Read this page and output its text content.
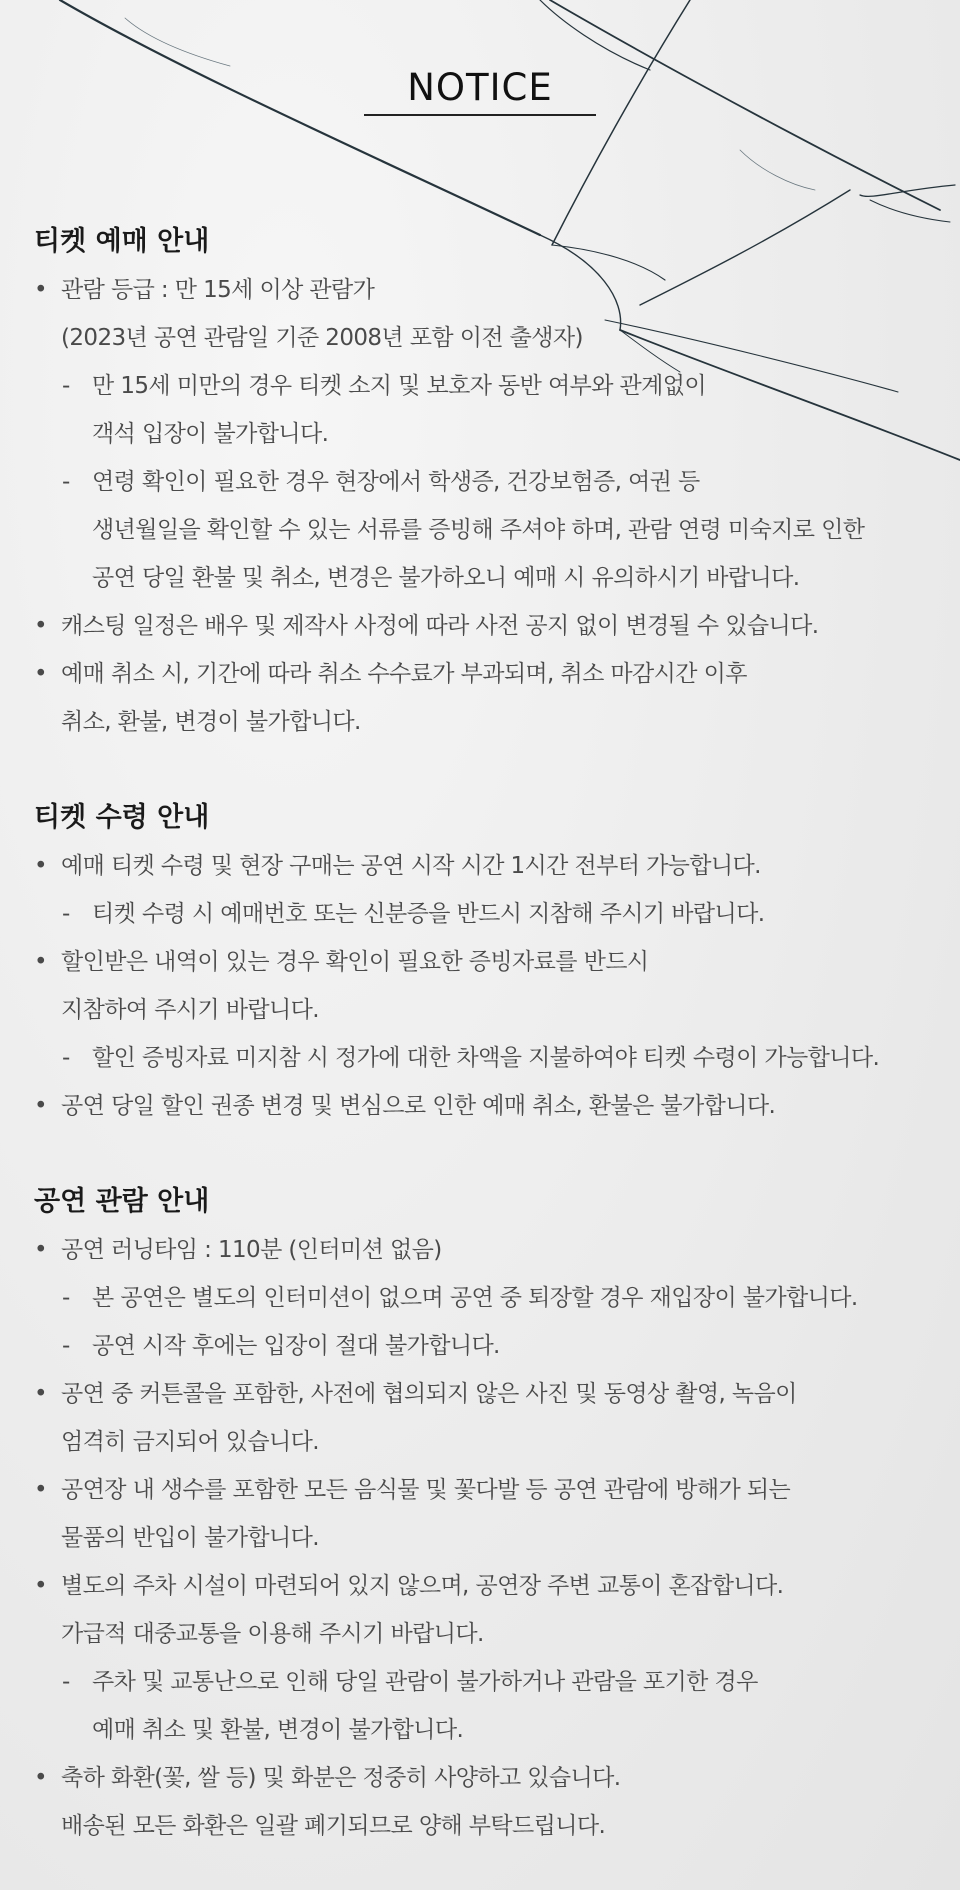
NOTICE
티켓 예매 안내
• 관람 등급 : 만 15세 이상 관람가
(2023년 공연 관람일 기준 2008년 포함 이전 출생자)
- 만 15세 미만의 경우 티켓 소지 및 보호자 동반 여부와 관계없이
객석 입장이 불가합니다.
- 연령 확인이 필요한 경우 현장에서 학생증, 건강보험증, 여권 등
생년월일을 확인할 수 있는 서류를 증빙해 주셔야 하며, 관람 연령 미숙지로 인한
공연 당일 환불 및 취소, 변경은 불가하오니 예매 시 유의하시기 바랍니다.
• 캐스팅 일정은 배우 및 제작사 사정에 따라 사전 공지 없이 변경될 수 있습니다.
• 예매 취소 시, 기간에 따라 취소 수수료가 부과되며, 취소 마감시간 이후
취소, 환불, 변경이 불가합니다.
티켓 수령 안내
• 예매 티켓 수령 및 현장 구매는 공연 시작 시간 1시간 전부터 가능합니다.
- 티켓 수령 시 예매번호 또는 신분증을 반드시 지참해 주시기 바랍니다.
• 할인받은 내역이 있는 경우 확인이 필요한 증빙자료를 반드시
지참하여 주시기 바랍니다.
- 할인 증빙자료 미지참 시 정가에 대한 차액을 지불하여야 티켓 수령이 가능합니다.
• 공연 당일 할인 권종 변경 및 변심으로 인한 예매 취소, 환불은 불가합니다.
공연 관람 안내
• 공연 러닝타임 : 110분 (인터미션 없음)
- 본 공연은 별도의 인터미션이 없으며 공연 중 퇴장할 경우 재입장이 불가합니다.
- 공연 시작 후에는 입장이 절대 불가합니다.
• 공연 중 커튼콜을 포함한, 사전에 협의되지 않은 사진 및 동영상 촬영, 녹음이
엄격히 금지되어 있습니다.
• 공연장 내 생수를 포함한 모든 음식물 및 꽃다발 등 공연 관람에 방해가 되는
물품의 반입이 불가합니다.
• 별도의 주차 시설이 마련되어 있지 않으며, 공연장 주변 교통이 혼잡합니다.
가급적 대중교통을 이용해 주시기 바랍니다.
- 주차 및 교통난으로 인해 당일 관람이 불가하거나 관람을 포기한 경우
예매 취소 및 환불, 변경이 불가합니다.
• 축하 화환(꽃, 쌀 등) 및 화분은 정중히 사양하고 있습니다.
배송된 모든 화환은 일괄 폐기되므로 양해 부탁드립니다.
